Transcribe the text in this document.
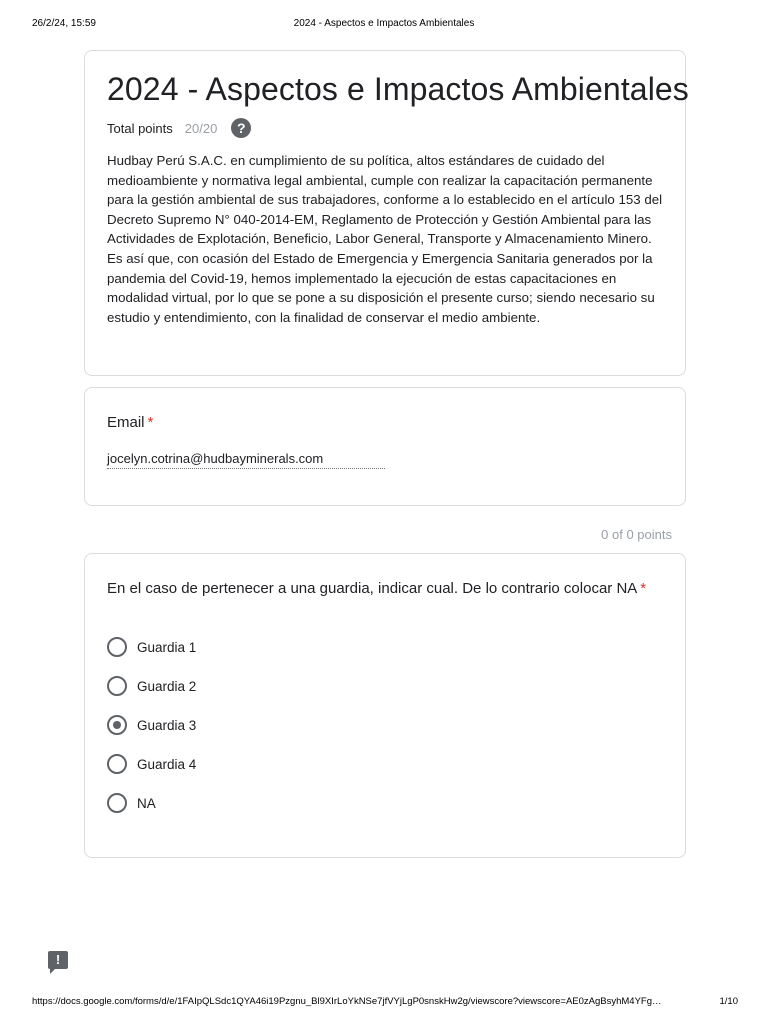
26/2/24, 15:59	2024 - Aspectos e Impactos Ambientales
2024 - Aspectos e Impactos Ambientales
Total points 20/20	?

Hudbay Perú S.A.C. en cumplimiento de su política, altos estándares de cuidado del medioambiente y normativa legal ambiental, cumple con realizar la capacitación permanente para la gestión ambiental de sus trabajadores, conforme a lo establecido en el artículo 153 del Decreto Supremo N° 040-2014-EM, Reglamento de Protección y Gestión Ambiental para las Actividades de Explotación, Beneficio, Labor General, Transporte y Almacenamiento Minero.

Es así que, con ocasión del Estado de Emergencia y Emergencia Sanitaria generados por la pandemia del Covid-19, hemos implementado la ejecución de estas capacitaciones en modalidad virtual, por lo que se pone a su disposición el presente curso; siendo necesario su estudio y entendimiento, con la finalidad de conservar el medio ambiente.

Email *
jocelyn.cotrina@hudbayminerals.com
0 of 0 points
En el caso de pertenecer a una guardia, indicar cual. De lo contrario colocar NA *
Guardia 1
Guardia 2
Guardia 3
Guardia 4
NA
!
https://docs.google.com/forms/d/e/1FAIpQLSdc1QYA46i19Pzgnu_Bl9XIrLoYkNSe7jfVYjLgP0snskHw2g/viewscore?viewscore=AE0zAgBsyhM4YFg…	1/10
